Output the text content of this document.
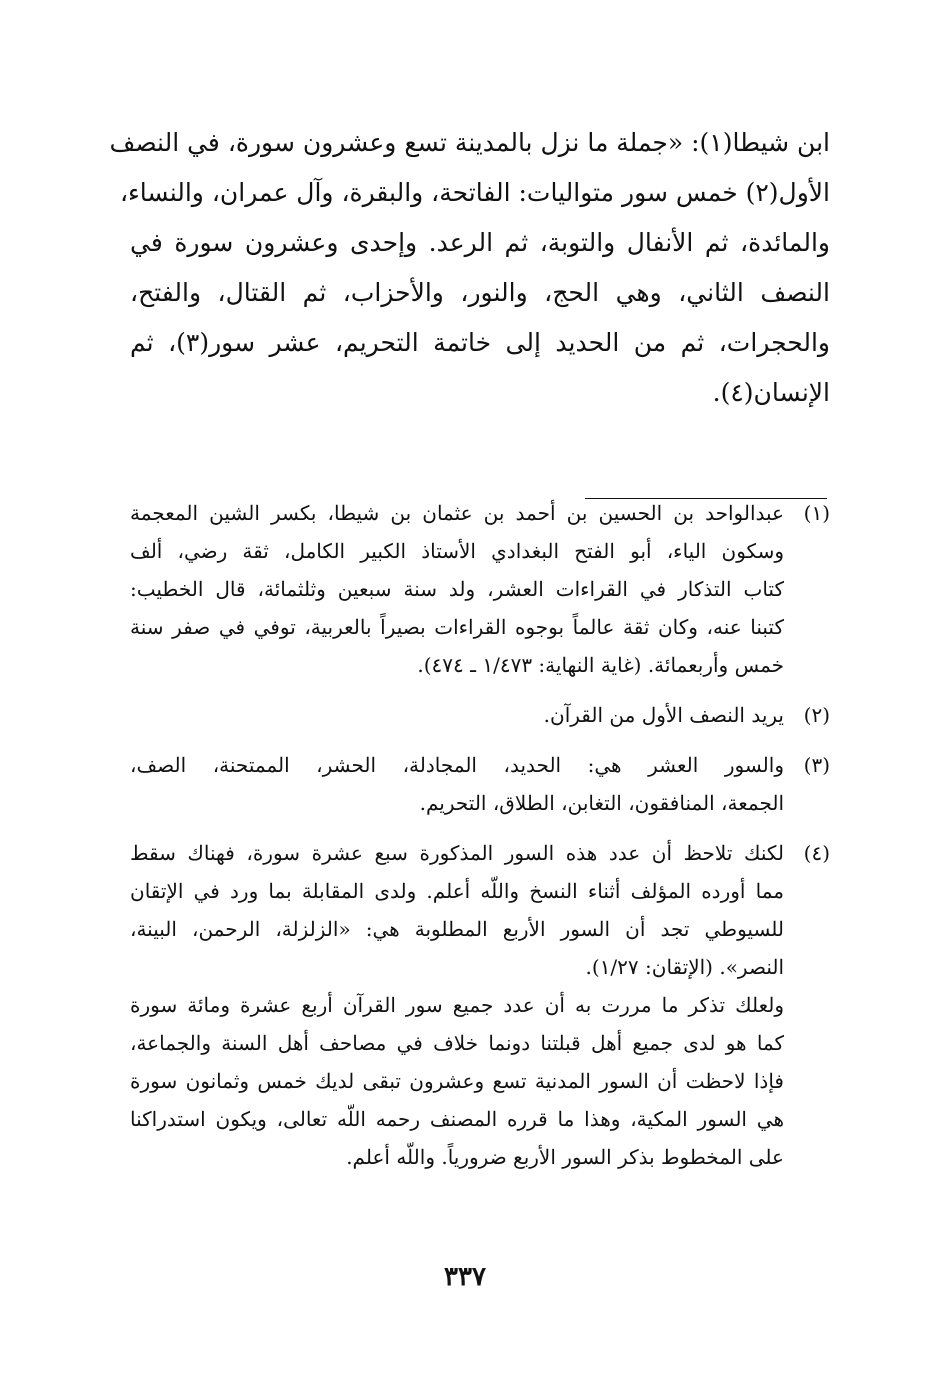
ابن شيطا(١): «جملة ما نزل بالمدينة تسع وعشرون سورة، في النصف
الأول(٢) خمس سور متواليات: الفاتحة، والبقرة، وآل عمران، والنساء،
والمائدة، ثم الأنفال والتوبة، ثم الرعد. وإحدى وعشرون سورة في
النصف الثاني، وهي الحج، والنور، والأحزاب، ثم القتال، والفتح،
والحجرات، ثم من الحديد إلى خاتمة التحريم، عشر سور(٣)، ثم
الإنسان(٤).
(١)
عبدالواحد بن الحسين بن أحمد بن عثمان بن شيطا، بكسر الشين المعجمة
وسكون الياء، أبو الفتح البغدادي الأستاذ الكبير الكامل، ثقة رضي، ألف
كتاب التذكار في القراءات العشر، ولد سنة سبعين وثلثمائة، قال الخطيب:
كتبنا عنه، وكان ثقة عالماً بوجوه القراءات بصيراً بالعربية، توفي في صفر سنة
خمس وأربعمائة. (غاية النهاية: ١/٤٧٣ ـ ٤٧٤).
(٢)
يريد النصف الأول من القرآن.
(٣)
والسور العشر هي: الحديد، المجادلة، الحشر، الممتحنة، الصف،
الجمعة، المنافقون، التغابن، الطلاق، التحريم.
(٤)
لكنك تلاحظ أن عدد هذه السور المذكورة سبع عشرة سورة، فهناك سقط
مما أورده المؤلف أثناء النسخ واللّه أعلم. ولدى المقابلة بما ورد في الإتقان
للسيوطي تجد أن السور الأربع المطلوبة هي: «الزلزلة، الرحمن، البينة،
النصر». (الإتقان: ١/٢٧).
ولعلك تذكر ما مررت به أن عدد جميع سور القرآن أربع عشرة ومائة سورة
كما هو لدى جميع أهل قبلتنا دونما خلاف في مصاحف أهل السنة والجماعة،
فإذا لاحظت أن السور المدنية تسع وعشرون تبقى لديك خمس وثمانون سورة
هي السور المكية، وهذا ما قرره المصنف رحمه اللّه تعالى، ويكون استدراكنا
على المخطوط بذكر السور الأربع ضرورياً. واللّه أعلم.
٣٣٧
